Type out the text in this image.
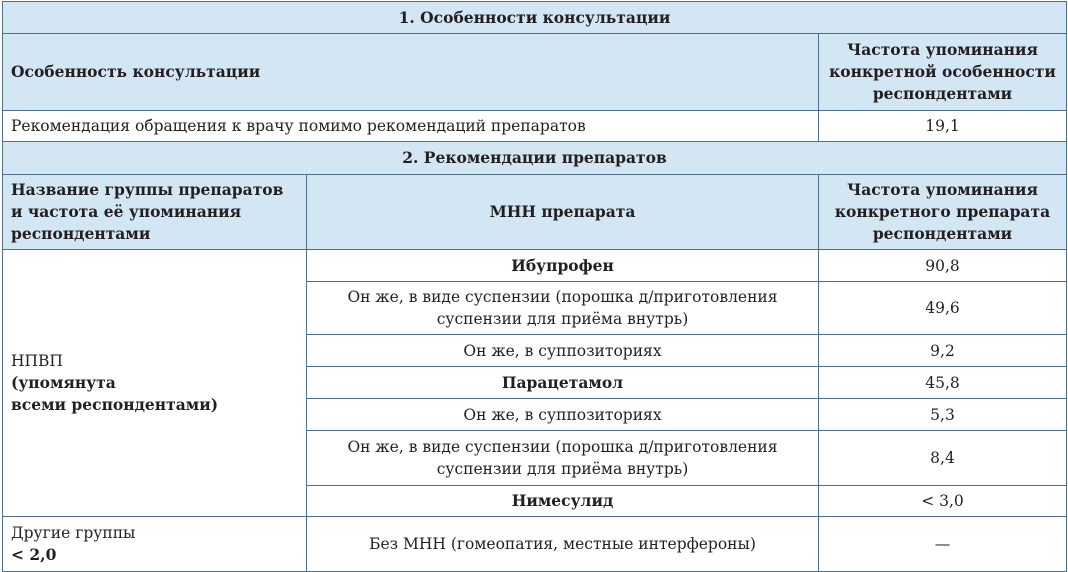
1. Особенности консультации		
Особенность консультации		Частота упоминания
конкретной особенности
респондентами

Рекомендация обращения к врачу помимо рекомендаций препаратов		19,1
2. Рекомендации препаратов		

Название группы препаратов
и частота её упоминания
респондентами	МНН препарата	Частота упоминания
конкретного препарата
респондентами

НПВП
(упомянута
всеми респондентами)	Ибупрофен	90,8

	Он же, в виде суспензии (порошка д/приготовления
суспензии для приёма внутрь)	49,6
	Он же, в суппозиториях	9,2
	Парацетамол	45,8
	Он же, в суппозиториях	5,3

	Он же, в виде суспензии (порошка д/приготовления
суспензии для приёма внутрь)	8,4
	Нимесулид	< 3,0

Другие группы
< 2,0	Без МНН (гомеопатия, местные интерфероны)	—
